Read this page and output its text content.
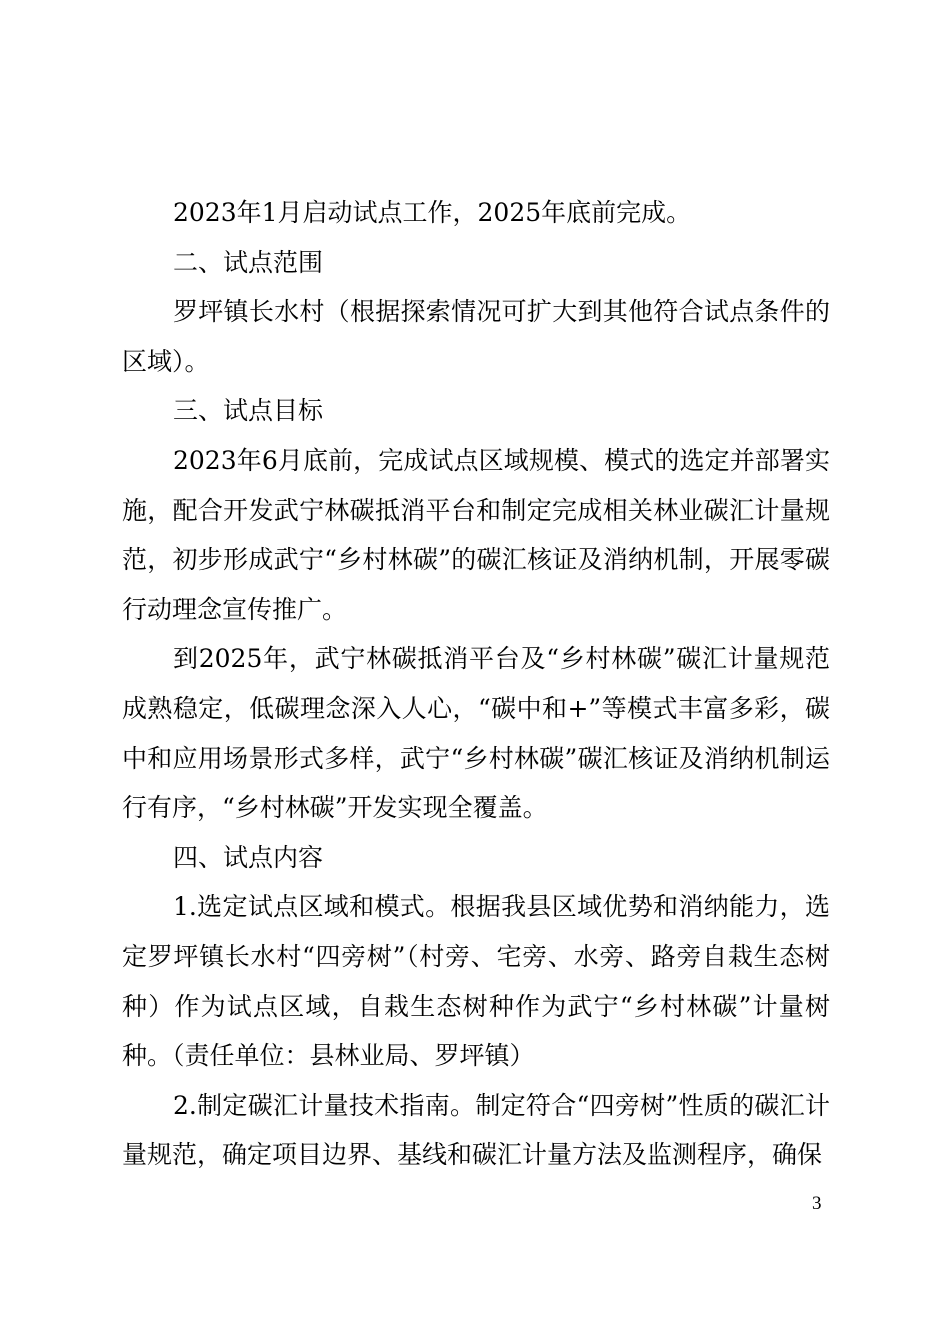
2023年1月启动试点工作，2025年底前完成。

二、试点范围

罗坪镇长水村（根据探索情况可扩大到其他符合试点条件的区域）。

三、试点目标

2023年6月底前，完成试点区域规模、模式的选定并部署实施，配合开发武宁林碳抵消平台和制定完成相关林业碳汇计量规范，初步形成武宁“乡村林碳”的碳汇核证及消纳机制，开展零碳行动理念宣传推广。

到2025年，武宁林碳抵消平台及“乡村林碳”碳汇计量规范成熟稳定，低碳理念深入人心，“碳中和+”等模式丰富多彩，碳中和应用场景形式多样，武宁“乡村林碳”碳汇核证及消纳机制运行有序，“乡村林碳”开发实现全覆盖。

四、试点内容

1.选定试点区域和模式。根据我县区域优势和消纳能力，选定罗坪镇长水村“四旁树”（村旁、宅旁、水旁、路旁自栽生态树种）作为试点区域，自栽生态树种作为武宁“乡村林碳”计量树种。（责任单位：县林业局、罗坪镇）

2.制定碳汇计量技术指南。制定符合“四旁树”性质的碳汇计量规范，确定项目边界、基线和碳汇计量方法及监测程序，确保

3
